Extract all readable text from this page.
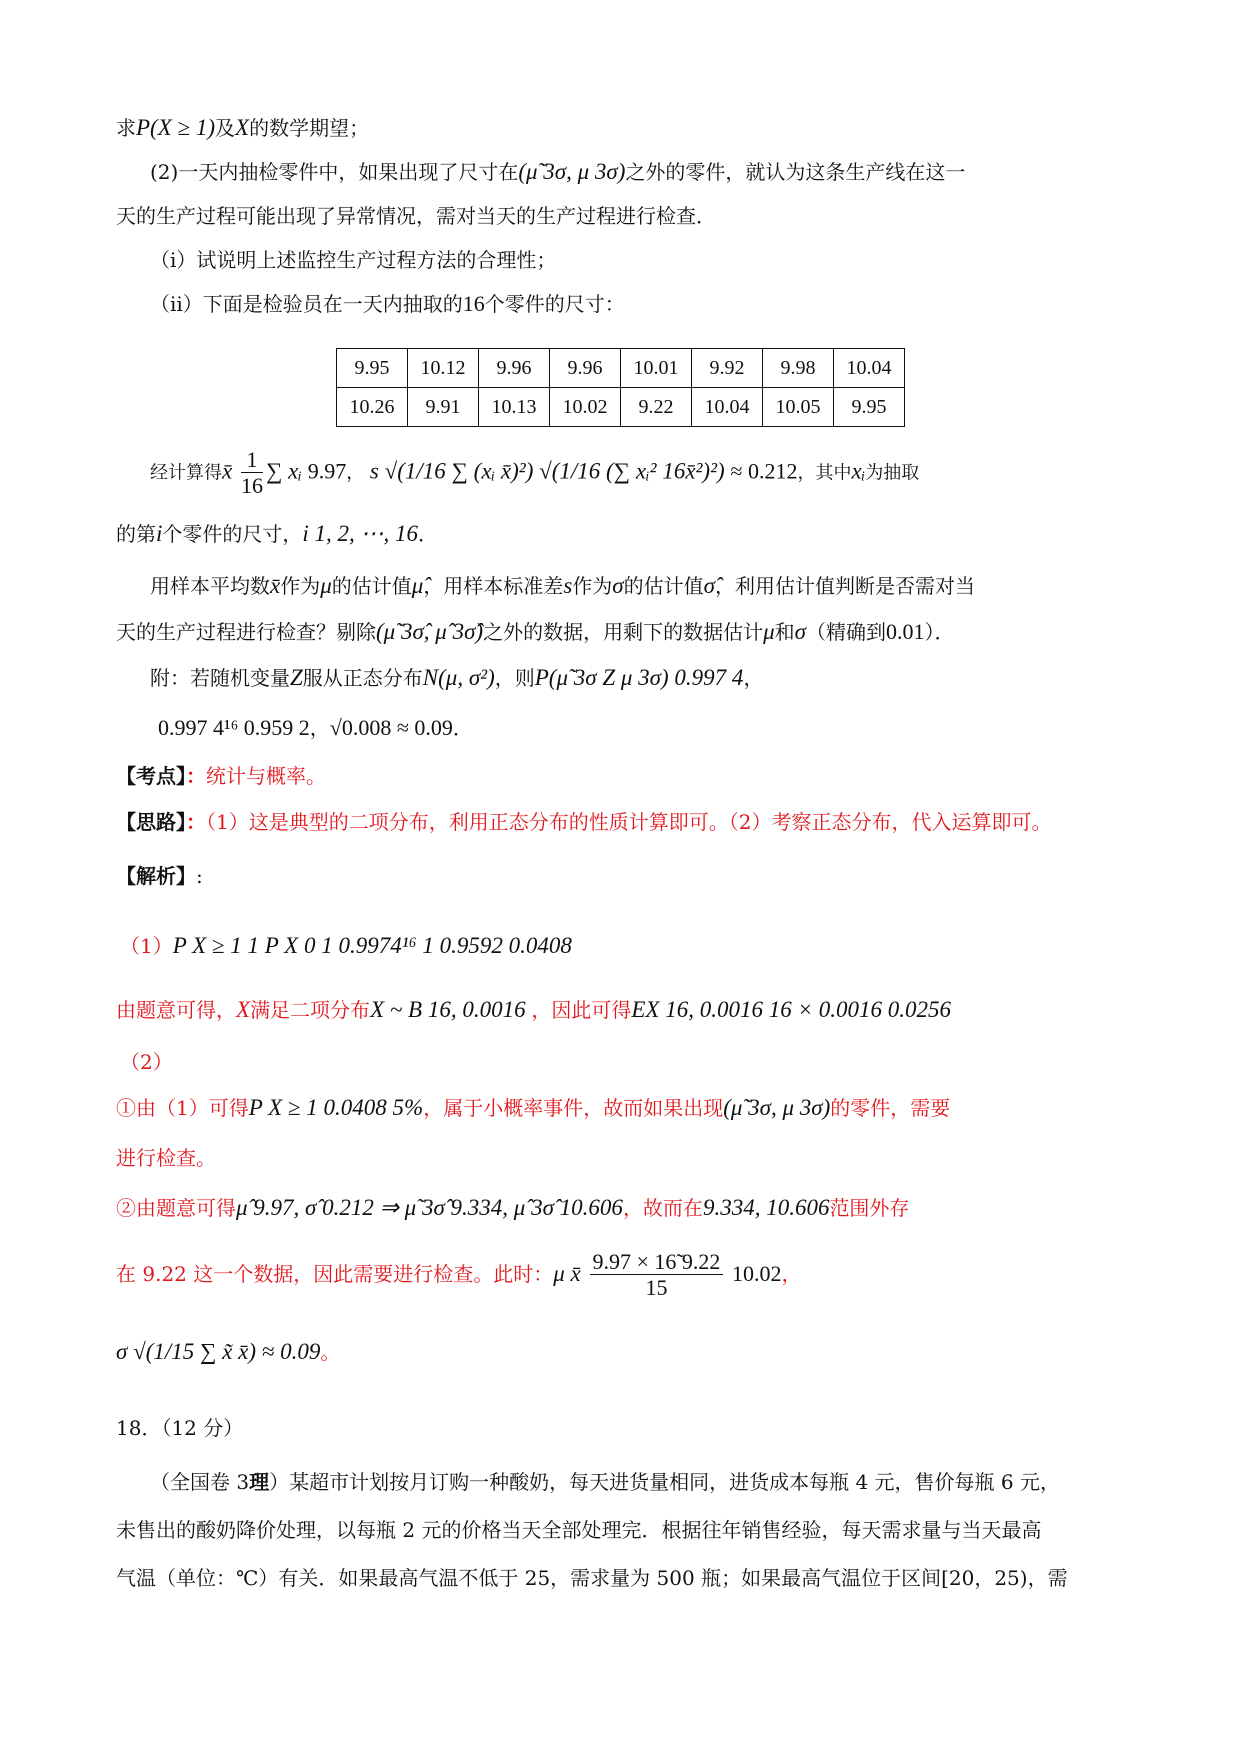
求P(X ≥ 1)及X的数学期望；
(2)一天内抽检零件中，如果出现了尺寸在(μ̃ 3σ, μ 3σ)之外的零件，就认为这条生产线在这一
天的生产过程可能出现了异常情况，需对当天的生产过程进行检查．
（ⅰ）试说明上述监控生产过程方法的合理性；
（ⅱ）下面是检验员在一天内抽取的16个零件的尺寸：
9.95	10.12	9.96	9.96	10.01	9.92	9.98	10.04
10.26	9.91	10.13	10.02	9.22	10.04	10.05	9.95
经计算得x̄ $\frac{1}{16}$ ∑ xᵢ 9.97， s √(1/16 ∑ (xᵢ x̄)²) √(1/16 (∑ xᵢ² 16x̄²)²) ≈ 0.212，其中xᵢ为抽取
的第i个零件的尺寸，i 1, 2, ⋯, 16．
用样本平均数x̄作为μ的估计值μ̂，用样本标准差s作为σ的估计值σ̂，利用估计值判断是否需对当
天的生产过程进行检查？剔除(μ̃ 3σ̂, μ̂ 3σ̂)之外的数据，用剩下的数据估计μ和σ（精确到0.01）．
附：若随机变量Z服从正态分布N(μ, σ²)，则P(μ̃ 3σ Z μ 3σ) 0.997 4，
0.997 4¹⁶ 0.959 2，√0.008 ≈ 0.09．
【考点】：统计与概率。
【思路】：（1）这是典型的二项分布，利用正态分布的性质计算即可。（2）考察正态分布，代入运算即可。
【解析】:
（1）P X ≥ 1 1 P X 0 1 0.9974¹⁶ 1 0.9592 0.0408
由题意可得，X满足二项分布X ~ B 16, 0.0016 ，因此可得EX 16, 0.0016 16 × 0.0016 0.0256
（2）
①由（1）可得P X ≥ 1 0.0408 5%，属于小概率事件，故而如果出现(μ̃ 3σ, μ 3σ)的零件，需要
进行检查。
②由题意可得μ̂ 9.97, σ̂ 0.212 ⇒ μ̃ 3σ̂ 9.334, μ̂ 3σ̂ 10.606，故而在9.334, 10.606范围外存
在 9.22 这一个数据，因此需要进行检查。此时：μ x̄ $\frac{9.97 \times 16̃ 9.22}{15} 10.02$，
σ √(1/15 ∑ x̃ x̄) ≈ 0.09。
18．（12 分）
（全国卷 3理）某超市计划按月订购一种酸奶，每天进货量相同，进货成本每瓶 4 元，售价每瓶 6 元，
未售出的酸奶降价处理，以每瓶 2 元的价格当天全部处理完．根据往年销售经验，每天需求量与当天最高
气温（单位：℃）有关．如果最高气温不低于 25，需求量为 500 瓶；如果最高气温位于区间[20，25)，需
